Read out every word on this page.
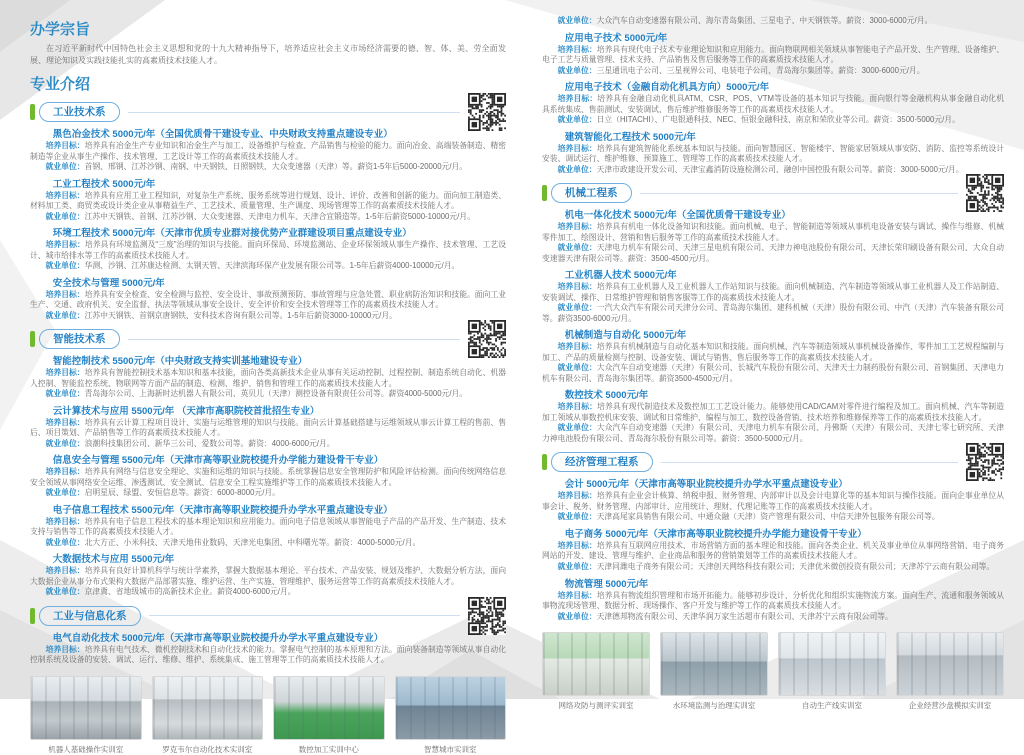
办学宗旨

在习近平新时代中国特色社会主义思想和党的十九大精神指导下，培养适应社会主义市场经济需要的德、智、体、美、劳全面发展、理论知识及实践技能扎实的高素质技术技能人才。

专业介绍
工业技术系
黑色冶金技术 5000元/年（全国优质骨干建设专业、中央财政支持重点建设专业）

培养目标：培养具有冶金生产专业知识和冶金生产与加工、设备维护与检查、产品销售与检验的能力。面向冶金、高端装备制造、精密制造等企业从事生产操作、技术管理、工艺设计等工作的高素质技术技能人才。

就业单位：首钢、邢钢、江苏沙钢、南钢、中天钢铁、日照钢铁、大众变速器（天津）等。薪资1-5年后5000-20000元/月。

工业工程技术 5000元/年

培养目标：培养具有应用工业工程知识，对复杂生产系统、服务系统等进行规划、设计、评价、改善和创新的能力。面向加工制造类、材料加工类、商贸类或设计类企业从事精益生产、工艺技术、质量管理、生产调度、现场管理等工作的高素质技术技能人才。

就业单位：江苏中天钢铁、首钢、江苏沙钢、大众变速器、天津电力机车、天津合宜锻造等。1-5年后薪资5000-10000元/月。

环境工程技术 5000元/年（天津市优质专业群对接优势产业群建设项目重点建设专业）

培养目标：培养具有环境监测及“三废”治理的知识与技能。面向环保局、环境监测站、企业环保领域从事生产操作、技术管理、工艺设计、城市给排水等工作的高素质技术技能人才。

就业单位：华测、沙钢、江苏康达检测、太钢天管、天津滨海环保产业发展有限公司等。1-5年后薪资4000-10000元/月。

安全技术与管理 5000元/年

培养目标：培养具有安全检查、安全检测与监控、安全设计、事故预测预防、事故管理与应急处置、职业病防治知识和技能。面向工业生产、交通、政府机关、安全监督、执法等领域从事安全设计、安全评价和安全技术管理等工作的高素质技术技能人才。

就业单位：江苏中天钢铁、首钢京唐钢铁、安科技术咨询有限公司等。1-5年后薪资3000-10000元/月。

智能技术系
智能控制技术 5500元/年（中央财政支持实训基地建设专业）

培养目标：培养具有智能控制技术基本知识和基本技能，面向各类高新技术企业从事有关运动控制、过程控制、制造系统自动化、机器人控制、智能监控系统、物联网等方面产品的制造、检测、维护、销售和管理工作的高素质技术技能人才。

就业单位：青岛海尔公司、上海新时达机器人有限公司、英贝儿（天津）测控设备有限责任公司等。薪资4000-5000元/月。

云计算技术与应用 5500元/年 （天津市高职院校首批招生专业）

培养目标：培养具有云计算工程项目设计、实施与运维管理的知识与技能。面向云计算基础搭建与运维领域从事云计算工程的售前、售后、项目策划、产品销售等工作的高素质技术技能人才。

就业单位：浪潮科技集团公司、新华三公司、爱数公司等。薪资：4000-6000元/月。

信息安全与管理 5500元/年（天津市高等职业院校提升办学能力建设骨干专业）

培养目标：培养具有网络与信息安全理论、实施和运维的知识与技能。系统掌握信息安全管理防护和风险评估检测。面向传统网络信息安全领域从事网络安全运维、渗透测试、安全测试、信息安全工程实施维护等工作的高素质技术技能人才。

就业单位：启明星辰、绿盟、安恒信息等。薪资：6000-8000元/月。

电子信息工程技术 5500元/年（天津市高等职业院校提升办学水平重点建设专业）

培养目标：培养具有电子信息工程技术的基本理论知识和应用能力。面向电子信息领域从事智能电子产品的产品开发、生产制造、技术支持与销售等工作的高素质技术技能人才。

就业单位：北大方正、小米科技、天津天地伟业数码、天津光电集团、中科曙光等。薪资：4000-5000元/月。

大数据技术与应用 5500元/年

培养目标：培养具有良好计算机科学与统计学素养，掌握大数据基本理论、平台技术、产品安装、规划及维护、大数据分析方法，面向大数据企业从事分布式架构大数据产品部署实施、维护运营、生产实施、管理维护、服务运营等工作的高素质技术技能人才。

就业单位：京津冀、省地级城市的高新技术企业。薪资4000-6000元/月。

工业与信息化系
电气自动化技术 5000元/年（天津市高等职业院校提升办学水平重点建设专业）

培养目标：培养具有电气技术、微机控制技术和自动化技术的能力。掌握电气控制的基本原理和方法。面向装备制造等领域从事自动化控制系统及设备的安装、调试、运行、维修、维护、系统集成、施工管理等工作的高素质技术技能人才。

机器人基础操作实训室	罗克韦尔自动化技术实训室	数控加工实训中心	智慧城市实训室

就业单位：大众汽车自动变速器有限公司、海尔青岛集团、三星电子、中天钢铁等。薪资：3000-6000元/月。

应用电子技术 5000元/年

培养目标：培养具有现代电子技术专业理论知识和应用能力。面向物联网相关领域从事智能电子产品开发、生产管理、设备维护、电子工艺与质量管理、技术支持、产品销售及售后服务等工作的高素质技术技能人才。

就业单位：三星通讯电子公司、三星视界公司、电装电子公司、青岛海尔集团等。薪资：3000-6000元/月。

应用电子技术（金融自动化机具方向）5000元/年

培养目标：培养具有金融自动化机具ATM、CSR、POS、VTM等设备的基本知识与技能。面向银行等金融机构从事金融自动化机具系统集成、售前测试、安装调试、售后维护维修服务等工作的高素质技术技能人才。

就业单位：日立（HITACHI）、广电银通科技、NEC、恒银金融科技、南京和荣欣业等公司。薪资：3500-5000元/月。

建筑智能化工程技术 5000元/年

培养目标：培养具有建筑智能化系统基本知识与技能。面向智慧园区、智能楼宇、智能家居领域从事安防、消防、监控等系统设计安装、调试运行、维护维修、预算施工、管理等工作的高素质技术技能人才。

就业单位：天津市政建设开发公司、天津宝鑫消防设施检测公司、融创中国控股有限公司等。薪资：3000-5000元/月。

机械工程系
机电一体化技术 5000元/年（全国优质骨干建设专业）

培养目标：培养具有机电一体化设备知识和技能。面向机械、电子、智能制造等领域从事机电设备安装与调试、操作与维修、机械零件加工、绘图设计、营销和售后服务等工作的高素质技术技能人才。

就业单位：天津电力机车有限公司、天津三星电机有限公司、天津力神电池股份有限公司、天津长荣印刷设备有限公司、大众自动变速器天津有限公司等。薪资：3500-4500元/月。

工业机器人技术 5000元/年

培养目标：培养具有工业机器人及工业机器人工作站知识与技能。面向机械制造、汽车制造等领域从事工业机器人及工作站制造、安装调试、操作、日常维护管理和销售客服等工作的高素质技术技能人才。

就业单位：一汽大众汽车有限公司天津分公司、青岛海尔集团、建科机械（天津）股份有限公司、中汽（天津）汽车装备有限公司等。薪资3500-6000元/月。

机械制造与自动化 5000元/年

培养目标：培养具有机械制造与自动化基本知识和技能。面向机械、汽车等制造领域从事机械设备操作、零件加工工艺规程编制与加工、产品的质量检测与控制、设备安装、调试与销售、售后服务等工作的高素质技术技能人才。

就业单位：大众汽车自动变速器（天津）有限公司、长城汽车股份有限公司、天津天士力制药股份有限公司、首钢集团、天津电力机车有限公司、青岛海尔集团等。薪资3500-4500元/月。

数控技术 5000元/年

培养目标：培养具有现代制造技术及数控加工工艺设计能力。能够使用CAD/CAM对零件进行编程及加工。面向机械、汽车等制造加工领域从事数控机床安装、调试和日常维护、编程与加工、数控设备营销、技术培养和维修保养等工作的高素质技术技能人才。

就业单位：大众汽车自动变速器（天津）有限公司、天津电力机车有限公司、丹佛斯（天津）有限公司、天津七零七研究所、天津力神电池股份有限公司、青岛海尔股份有限公司等。薪资：3500-5000元/月。

经济管理工程系
会计 5000元/年（天津市高等职业院校提升办学水平重点建设专业）

培养目标：培养具有企业会计核算、纳税申报、财务管理、内部审计以及会计电算化等的基本知识与操作技能。面向企事业单位从事会计、税务、财务管理、内部审计、应用统计、理财、代理记账等工作的高素质技术技能人才。

就业单位：天津高尾家具销售有限公司、中通众融（天津）资产管理有限公司、中信天津外包服务有限公司等。

电子商务 5000元/年（天津市高等职业院校提升办学能力建设骨干专业）

培养目标：培养具有互联网应用技术、市场营销方面的基本理论和技能。面向各类企业、机关及事业单位从事网络营销、电子商务网站的开发、建设、管理与维护、企业商品和服务的营销策划等工作的高素质技术技能人才。

就业单位：天津同潍电子商务有限公司；天津创天网络科技有限公司；天津优米微创投资有限公司；天津苏宁云商有限公司等。

物流管理 5000元/年

培养目标：培养具有物流组织管理和市场开拓能力。能够初步设计、分析优化和组织实施物流方案。面向生产、流通和服务领域从事物流现场管理、数据分析、现场操作、客户开发与维护等工作的高素质技术技能人才。

就业单位：天津德邦物流有限公司、天津华润万家生活超市有限公司、天津苏宁云商有限公司等。

网络攻防与测评实训室	水环境监测与治理实训室	自动生产线实训室	企业经营沙盘模拟实训室
